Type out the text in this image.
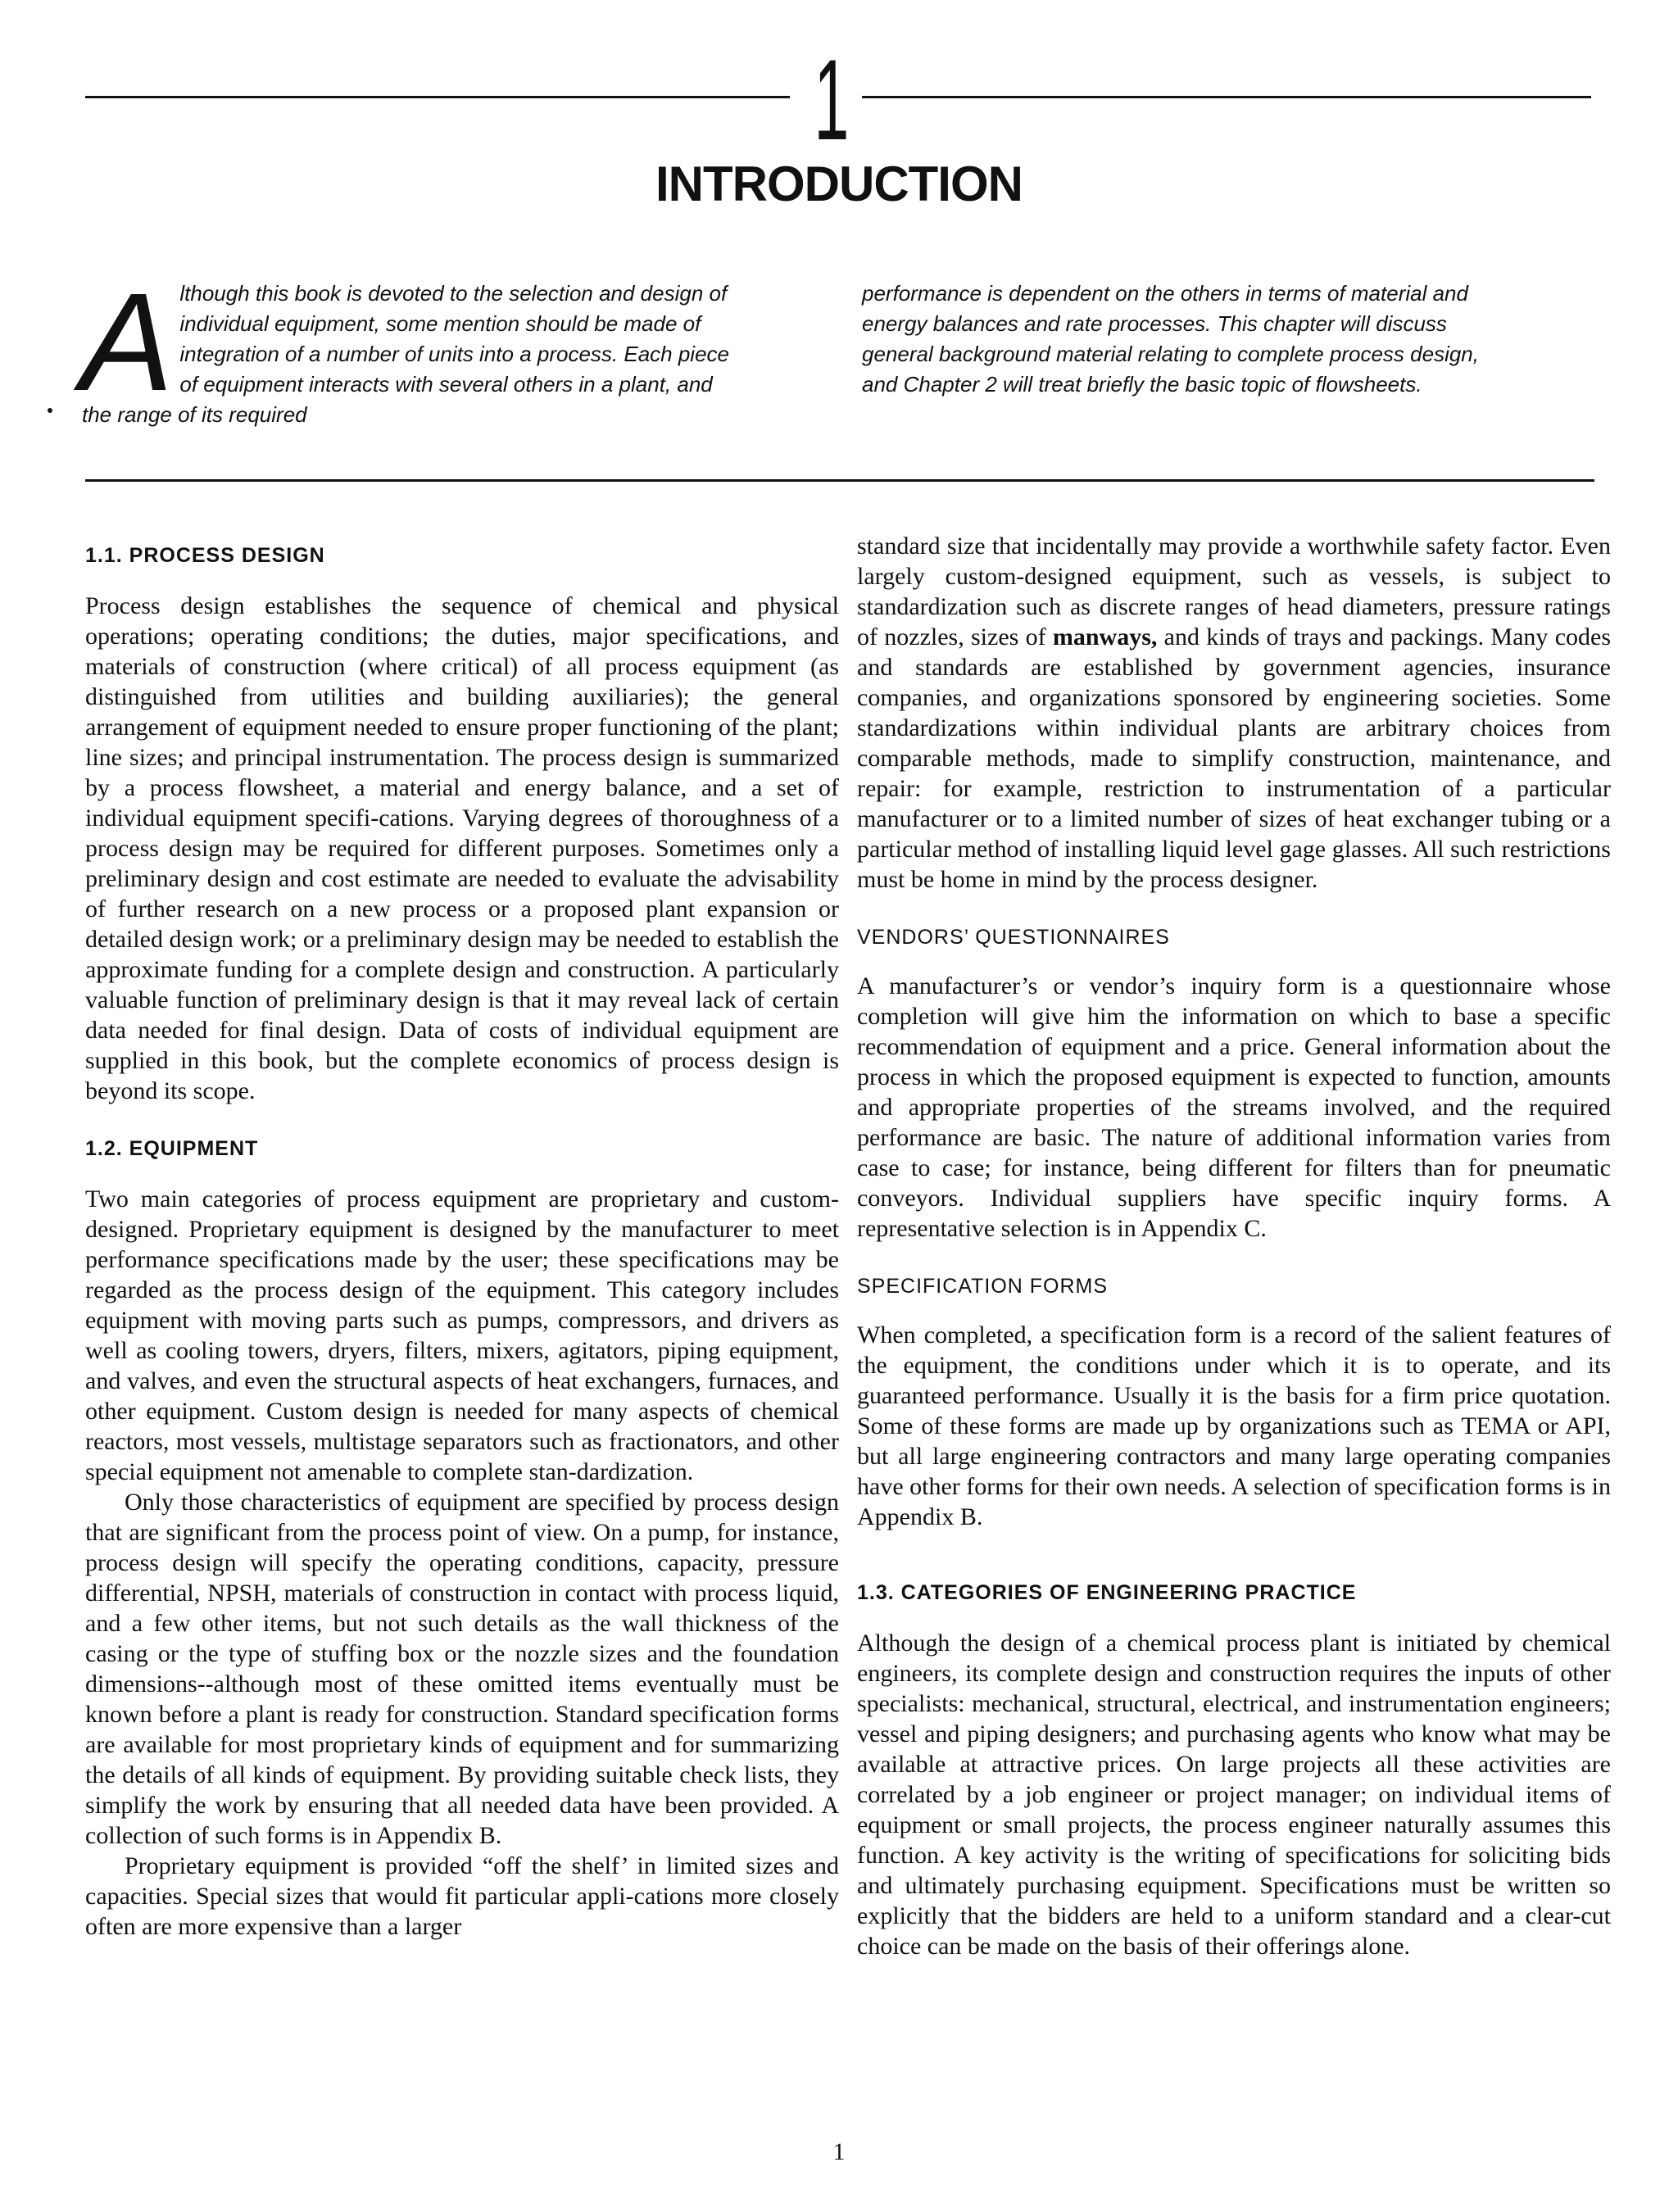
1
INTRODUCTION
A lthough this book is devoted to the selection and design of individual equipment, some mention should be made of integration of a number of units into a process. Each piece of equipment interacts with several others in a plant, and the range of its required

performance is dependent on the others in terms of material and energy balances and rate processes. This chapter will discuss general background material relating to complete process design, and Chapter 2 will treat briefly the basic topic of flowsheets.

1.1. PROCESS DESIGN

Process design establishes the sequence of chemical and physical operations; operating conditions; the duties, major specifications, and materials of construction (where critical) of all process equipment (as distinguished from utilities and building auxiliaries); the general arrangement of equipment needed to ensure proper functioning of the plant; line sizes; and principal instrumentation. The process design is summarized by a process flowsheet, a material and energy balance, and a set of individual equipment specifi-cations. Varying degrees of thoroughness of a process design may be required for different purposes. Sometimes only a preliminary design and cost estimate are needed to evaluate the advisability of further research on a new process or a proposed plant expansion or detailed design work; or a preliminary design may be needed to establish the approximate funding for a complete design and construction. A particularly valuable function of preliminary design is that it may reveal lack of certain data needed for final design. Data of costs of individual equipment are supplied in this book, but the complete economics of process design is beyond its scope.

1.2. EQUIPMENT

Two main categories of process equipment are proprietary and custom-designed. Proprietary equipment is designed by the manufacturer to meet performance specifications made by the user; these specifications may be regarded as the process design of the equipment. This category includes equipment with moving parts such as pumps, compressors, and drivers as well as cooling towers, dryers, filters, mixers, agitators, piping equipment, and valves, and even the structural aspects of heat exchangers, furnaces, and other equipment. Custom design is needed for many aspects of chemical reactors, most vessels, multistage separators such as fractionators, and other special equipment not amenable to complete stan-dardization.

Only those characteristics of equipment are specified by process design that are significant from the process point of view. On a pump, for instance, process design will specify the operating conditions, capacity, pressure differential, NPSH, materials of construction in contact with process liquid, and a few other items, but not such details as the wall thickness of the casing or the type of stuffing box or the nozzle sizes and the foundation dimensions--although most of these omitted items eventually must be known before a plant is ready for construction. Standard specification forms are available for most proprietary kinds of equipment and for summarizing the details of all kinds of equipment. By providing suitable check lists, they simplify the work by ensuring that all needed data have been provided. A collection of such forms is in Appendix B.

Proprietary equipment is provided “off the shelf’ in limited sizes and capacities. Special sizes that would fit particular appli-cations more closely often are more expensive than a larger

standard size that incidentally may provide a worthwhile safety factor. Even largely custom-designed equipment, such as vessels, is subject to standardization such as discrete ranges of head diameters, pressure ratings of nozzles, sizes of manways, and kinds of trays and packings. Many codes and standards are established by government agencies, insurance companies, and organizations sponsored by engineering societies. Some standardizations within individual plants are arbitrary choices from comparable methods, made to simplify construction, maintenance, and repair: for example, restriction to instrumentation of a particular manufacturer or to a limited number of sizes of heat exchanger tubing or a particular method of installing liquid level gage glasses. All such restrictions must be home in mind by the process designer.

VENDORS’ QUESTIONNAIRES

A manufacturer’s or vendor’s inquiry form is a questionnaire whose completion will give him the information on which to base a specific recommendation of equipment and a price. General information about the process in which the proposed equipment is expected to function, amounts and appropriate properties of the streams involved, and the required performance are basic. The nature of additional information varies from case to case; for instance, being different for filters than for pneumatic conveyors. Individual suppliers have specific inquiry forms. A representative selection is in Appendix C.

SPECIFICATION FORMS

When completed, a specification form is a record of the salient features of the equipment, the conditions under which it is to operate, and its guaranteed performance. Usually it is the basis for a firm price quotation. Some of these forms are made up by organizations such as TEMA or API, but all large engineering contractors and many large operating companies have other forms for their own needs. A selection of specification forms is in Appendix B.

1.3. CATEGORIES OF ENGINEERING PRACTICE

Although the design of a chemical process plant is initiated by chemical engineers, its complete design and construction requires the inputs of other specialists: mechanical, structural, electrical, and instrumentation engineers; vessel and piping designers; and purchasing agents who know what may be available at attractive prices. On large projects all these activities are correlated by a job engineer or project manager; on individual items of equipment or small projects, the process engineer naturally assumes this function. A key activity is the writing of specifications for soliciting bids and ultimately purchasing equipment. Specifications must be written so explicitly that the bidders are held to a uniform standard and a clear-cut choice can be made on the basis of their offerings alone.

1
